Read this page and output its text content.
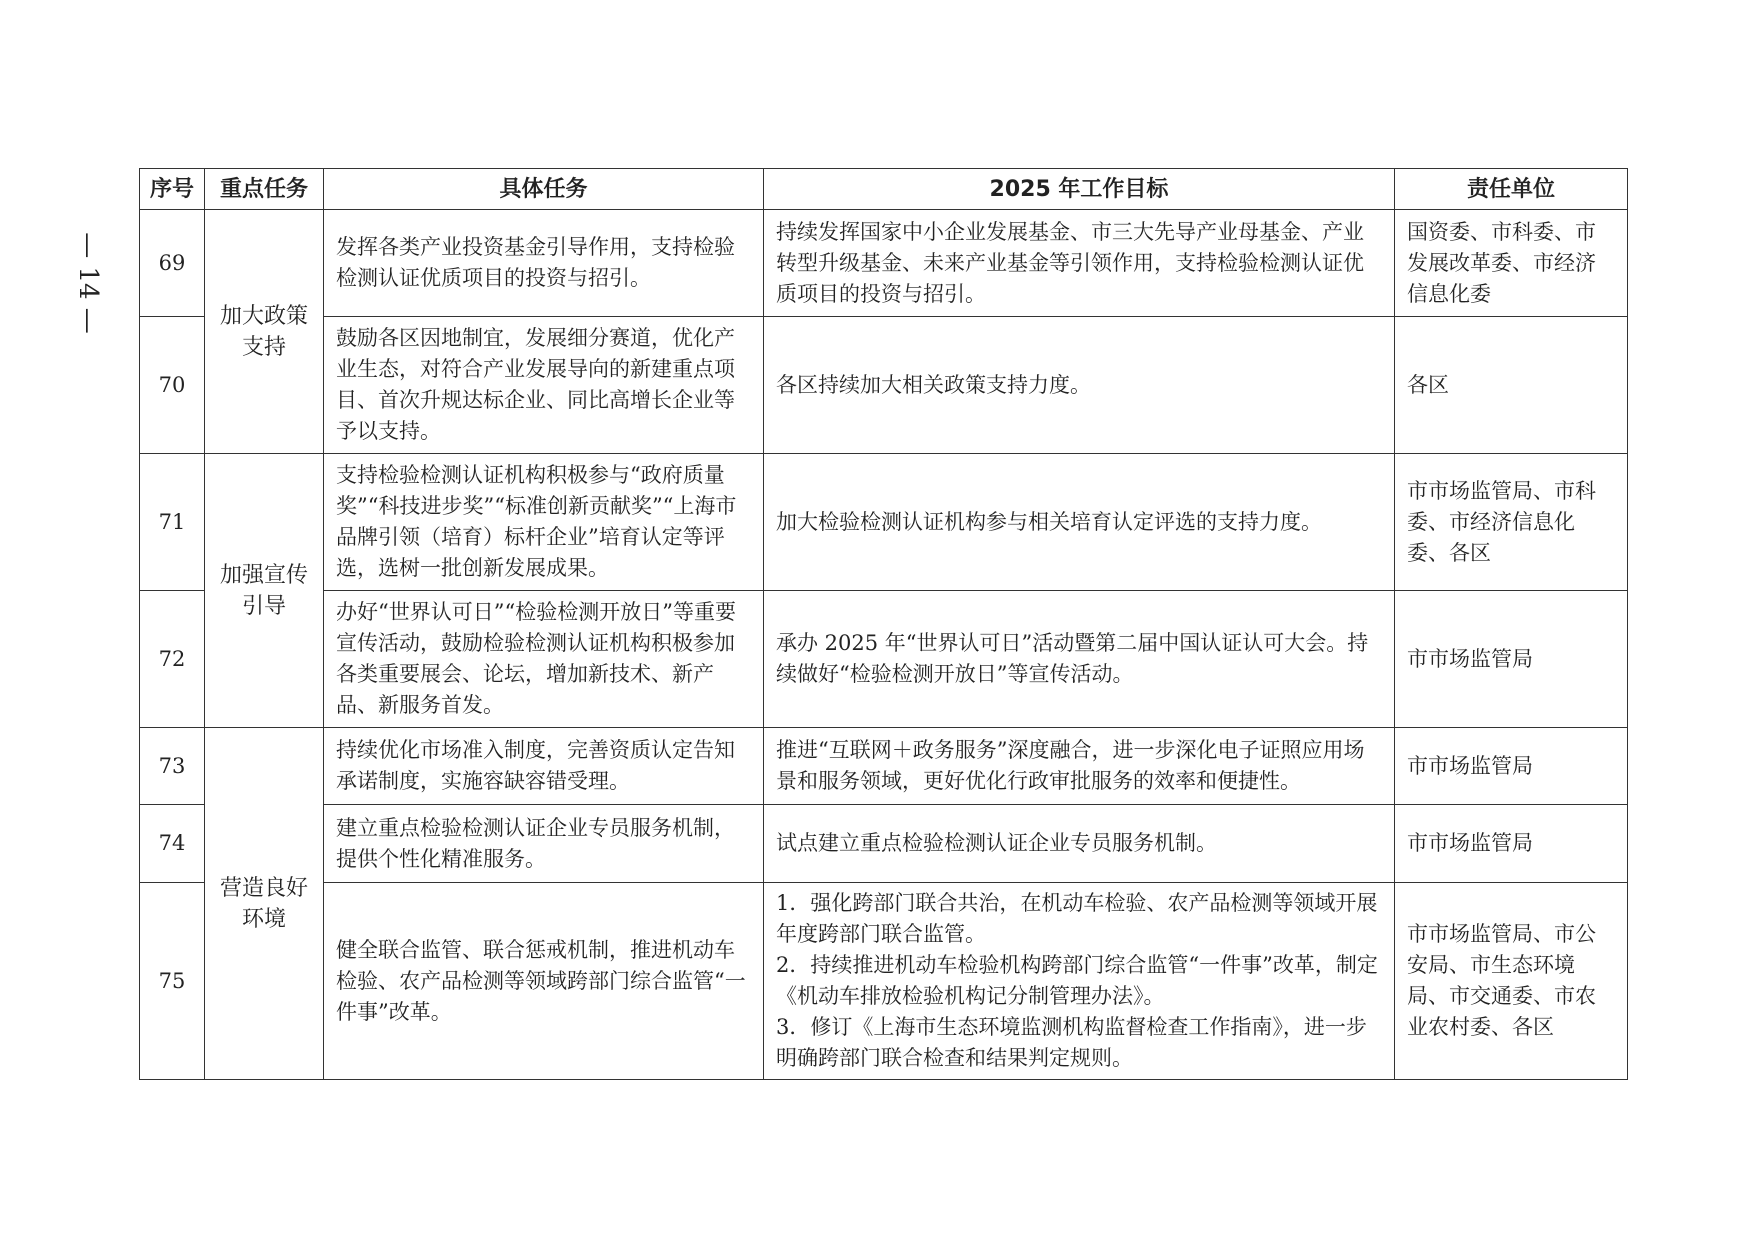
— 14 —
序号	重点任务	具体任务	2025 年工作目标	责任单位
69	加大政策支持	发挥各类产业投资基金引导作用，支持检验检测认证优质项目的投资与招引。	持续发挥国家中小企业发展基金、市三大先导产业母基金、产业转型升级基金、未来产业基金等引领作用，支持检验检测认证优质项目的投资与招引。	国资委、市科委、市发展改革委、市经济信息化委
70		鼓励各区因地制宜，发展细分赛道，优化产业生态，对符合产业发展导向的新建重点项目、首次升规达标企业、同比高增长企业等予以支持。	各区持续加大相关政策支持力度。	各区
71	加强宣传引导	支持检验检测认证机构积极参与“政府质量奖”“科技进步奖”“标准创新贡献奖”“上海市品牌引领（培育）标杆企业”培育认定等评选，选树一批创新发展成果。	加大检验检测认证机构参与相关培育认定评选的支持力度。	市市场监管局、市科委、市经济信息化委、各区
72		办好“世界认可日”“检验检测开放日”等重要宣传活动，鼓励检验检测认证机构积极参加各类重要展会、论坛，增加新技术、新产品、新服务首发。	承办 2025 年“世界认可日”活动暨第二届中国认证认可大会。持续做好“检验检测开放日”等宣传活动。	市市场监管局
73	营造良好环境	持续优化市场准入制度，完善资质认定告知承诺制度，实施容缺容错受理。	推进“互联网＋政务服务”深度融合，进一步深化电子证照应用场景和服务领域，更好优化行政审批服务的效率和便捷性。	市市场监管局
74		建立重点检验检测认证企业专员服务机制，提供个性化精准服务。	试点建立重点检验检测认证企业专员服务机制。	市市场监管局
75		健全联合监管、联合惩戒机制，推进机动车检验、农产品检测等领域跨部门综合监管“一件事”改革。	1．强化跨部门联合共治，在机动车检验、农产品检测等领域开展年度跨部门联合监管。
2．持续推进机动车检验机构跨部门综合监管“一件事”改革，制定《机动车排放检验机构记分制管理办法》。
3．修订《上海市生态环境监测机构监督检查工作指南》，进一步明确跨部门联合检查和结果判定规则。	市市场监管局、市公安局、市生态环境局、市交通委、市农业农村委、各区
